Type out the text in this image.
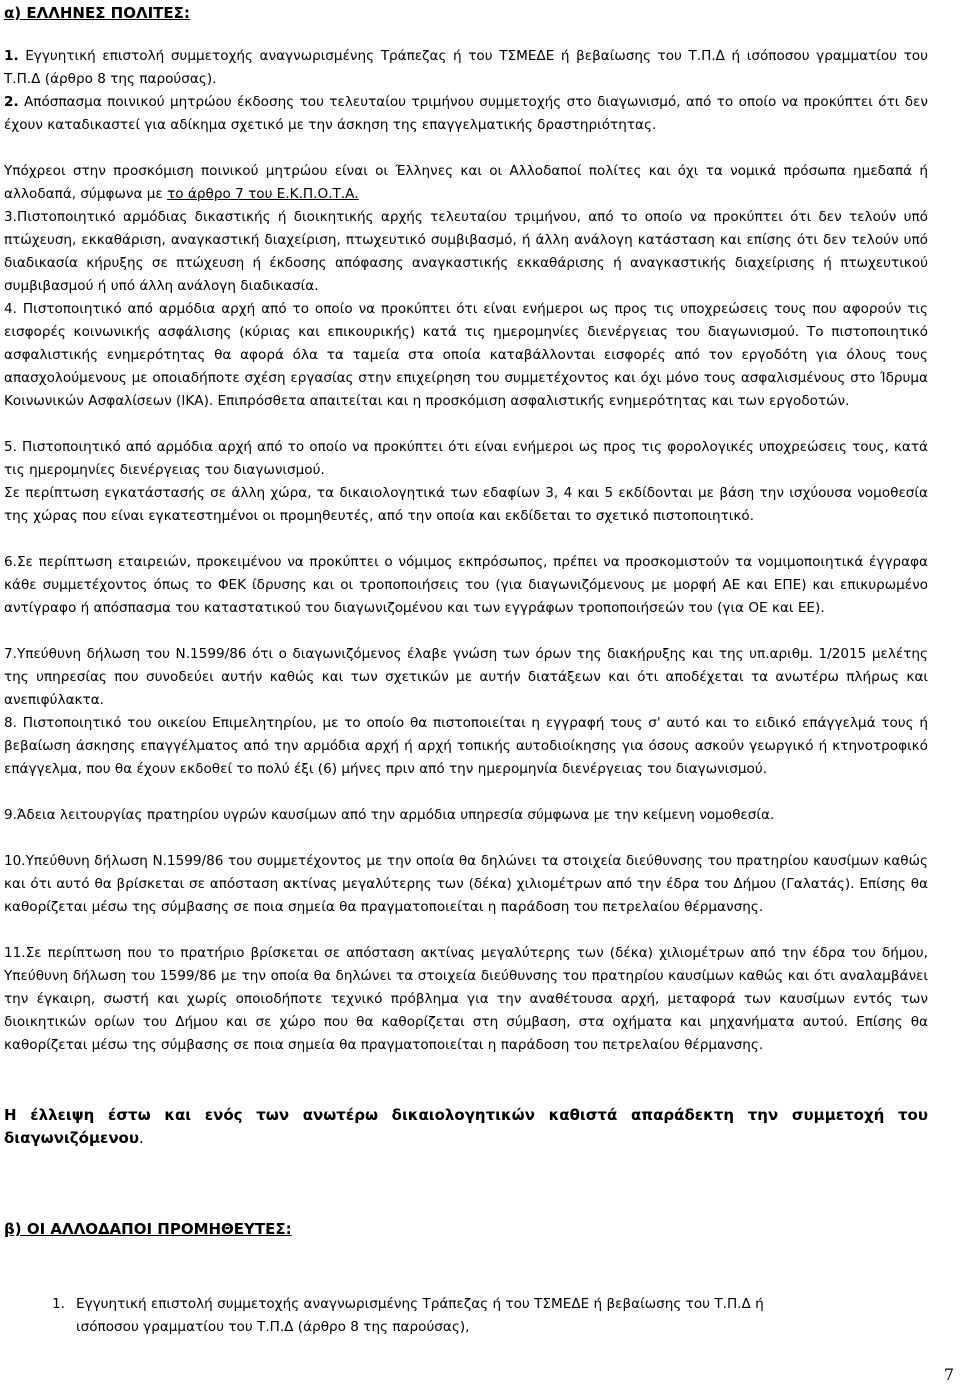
α) ΕΛΛΗΝΕΣ ΠΟΛΙΤΕΣ:

1. Εγγυητική επιστολή συμμετοχής αναγνωρισμένης Τράπεζας ή του ΤΣΜΕΔΕ ή βεβαίωσης του Τ.Π.Δ ή ισόποσου γραμματίου του Τ.Π.Δ (άρθρο 8 της παρούσας).

2. Απόσπασμα ποινικού μητρώου έκδοσης του τελευταίου τριμήνου συμμετοχής στο διαγωνισμό, από το οποίο να προκύπτει ότι δεν έχουν καταδικαστεί για αδίκημα σχετικό με την άσκηση της επαγγελματικής δραστηριότητας.

Υπόχρεοι στην προσκόμιση ποινικού μητρώου είναι οι Έλληνες και οι Αλλοδαποί πολίτες και όχι τα νομικά πρόσωπα ημεδαπά ή αλλοδαπά, σύμφωνα με το άρθρο 7 του Ε.Κ.Π.Ο.Τ.Α.

3.Πιστοποιητικό αρμόδιας δικαστικής ή διοικητικής αρχής τελευταίου τριμήνου, από το οποίο να προκύπτει ότι δεν τελούν υπό πτώχευση, εκκαθάριση, αναγκαστική διαχείριση, πτωχευτικό συμβιβασμό, ή άλλη ανάλογη κατάσταση και επίσης ότι δεν τελούν υπό διαδικασία κήρυξης σε πτώχευση ή έκδοσης απόφασης αναγκαστικής εκκαθάρισης ή αναγκαστικής διαχείρισης ή πτωχευτικού συμβιβασμού ή υπό άλλη ανάλογη διαδικασία.

4. Πιστοποιητικό από αρμόδια αρχή από το οποίο να προκύπτει ότι είναι ενήμεροι ως προς τις υποχρεώσεις τους που αφορούν τις εισφορές κοινωνικής ασφάλισης (κύριας και επικουρικής) κατά τις ημερομηνίες διενέργειας του διαγωνισμού. Το πιστοποιητικό ασφαλιστικής ενημερότητας θα αφορά όλα τα ταμεία στα οποία καταβάλλονται εισφορές από τον εργοδότη για όλους τους απασχολούμενους με οποιαδήποτε σχέση εργασίας στην επιχείρηση του συμμετέχοντος και όχι μόνο τους ασφαλισμένους στο Ίδρυμα Κοινωνικών Ασφαλίσεων (ΙΚΑ). Επιπρόσθετα απαιτείται και η προσκόμιση ασφαλιστικής ενημερότητας και των εργοδοτών.

5. Πιστοποιητικό από αρμόδια αρχή από το οποίο να προκύπτει ότι είναι ενήμεροι ως προς τις φορολογικές υποχρεώσεις τους, κατά τις ημερομηνίες διενέργειας του διαγωνισμού.

Σε περίπτωση εγκατάστασής σε άλλη χώρα, τα δικαιολογητικά των εδαφίων 3, 4 και 5 εκδίδονται με βάση την ισχύουσα νομοθεσία της χώρας που είναι εγκατεστημένοι οι προμηθευτές, από την οποία και εκδίδεται το σχετικό πιστοποιητικό.

6.Σε περίπτωση εταιρειών, προκειμένου να προκύπτει ο νόμιμος εκπρόσωπος, πρέπει να προσκομιστούν τα νομιμοποιητικά έγγραφα κάθε συμμετέχοντος όπως το ΦΕΚ ίδρυσης και οι τροποποιήσεις του (για διαγωνιζόμενους με μορφή ΑΕ και ΕΠΕ) και επικυρωμένο αντίγραφο ή απόσπασμα του καταστατικού του διαγωνιζομένου και των εγγράφων τροποποιήσεών του (για ΟΕ και ΕΕ).

7.Υπεύθυνη δήλωση του Ν.1599/86 ότι ο διαγωνιζόμενος έλαβε γνώση των όρων της διακήρυξης και της υπ.αριθμ. 1/2015 μελέτης της υπηρεσίας που συνοδεύει αυτήν καθώς και των σχετικών με αυτήν διατάξεων και ότι αποδέχεται τα ανωτέρω πλήρως και ανεπιφύλακτα.

8. Πιστοποιητικό του οικείου Επιμελητηρίου, με το οποίο θα πιστοποιείται η εγγραφή τους σ' αυτό και το ειδικό επάγγελμά τους ή βεβαίωση άσκησης επαγγέλματος από την αρμόδια αρχή ή αρχή τοπικής αυτοδιοίκησης για όσους ασκούν γεωργικό ή κτηνοτροφικό επάγγελμα, που θα έχουν εκδοθεί το πολύ έξι (6) μήνες πριν από την ημερομηνία διενέργειας του διαγωνισμού.

9.Άδεια λειτουργίας πρατηρίου υγρών καυσίμων από την αρμόδια υπηρεσία σύμφωνα με την κείμενη νομοθεσία.

10.Υπεύθυνη δήλωση Ν.1599/86 του συμμετέχοντος με την οποία θα δηλώνει τα στοιχεία διεύθυνσης του πρατηρίου καυσίμων καθώς και ότι αυτό θα βρίσκεται σε απόσταση ακτίνας μεγαλύτερης των (δέκα) χιλιομέτρων από την έδρα του Δήμου (Γαλατάς). Επίσης θα καθορίζεται μέσω της σύμβασης σε ποια σημεία θα πραγματοποιείται η παράδοση του πετρελαίου θέρμανσης.

11.Σε περίπτωση που το πρατήριο βρίσκεται σε απόσταση ακτίνας μεγαλύτερης των (δέκα) χιλιομέτρων από την έδρα του δήμου, Υπεύθυνη δήλωση του 1599/86 με την οποία θα δηλώνει τα στοιχεία διεύθυνσης του πρατηρίου καυσίμων καθώς και ότι αναλαμβάνει την έγκαιρη, σωστή και χωρίς οποιοδήποτε τεχνικό πρόβλημα για την αναθέτουσα αρχή, μεταφορά των καυσίμων εντός των διοικητικών ορίων του Δήμου και σε χώρο που θα καθορίζεται στη σύμβαση, στα οχήματα και μηχανήματα αυτού. Επίσης θα καθορίζεται μέσω της σύμβασης σε ποια σημεία θα πραγματοποιείται η παράδοση του πετρελαίου θέρμανσης.

Η έλλειψη έστω και ενός των ανωτέρω δικαιολογητικών καθιστά απαράδεκτη την συμμετοχή του διαγωνιζόμενου.

β) ΟΙ ΑΛΛΟΔΑΠΟΙ ΠΡΟΜΗΘΕΥΤΕΣ:

1. Εγγυητική επιστολή συμμετοχής αναγνωρισμένης Τράπεζας ή του ΤΣΜΕΔΕ ή βεβαίωσης του Τ.Π.Δ ή
ισόποσου γραμματίου του Τ.Π.Δ (άρθρο 8 της παρούσας),
7
